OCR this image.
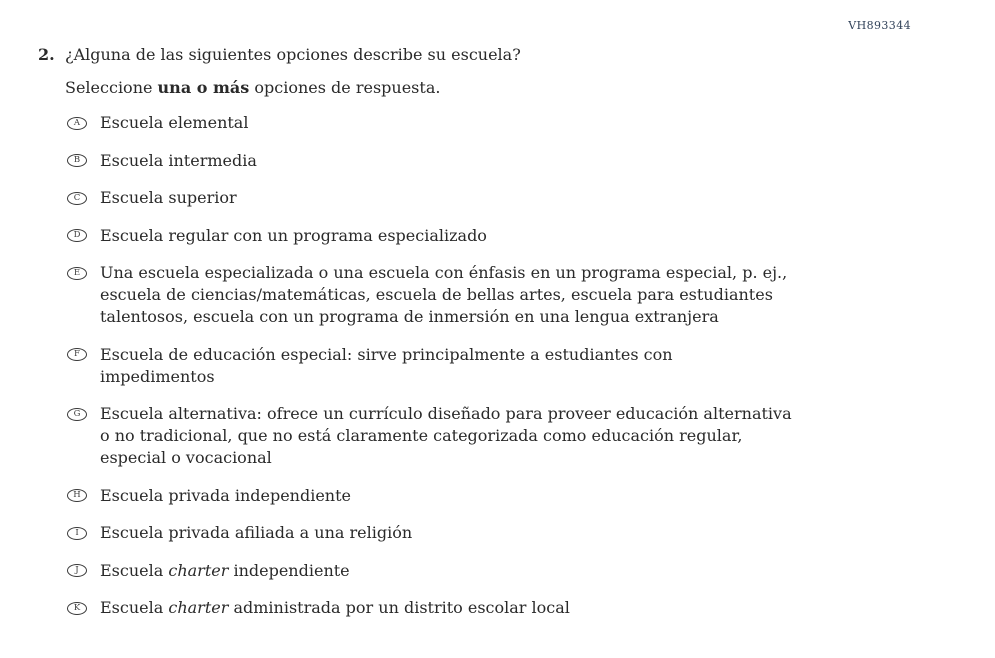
VH893344
2. ¿Alguna de las siguientes opciones describe su escuela?
Seleccione una o más opciones de respuesta.
A	Escuela elemental
B	Escuela intermedia
C	Escuela superior
D	Escuela regular con un programa especializado
E	Una escuela especializada o una escuela con énfasis en un programa especial, p. ej.,
escuela de ciencias/matemáticas, escuela de bellas artes, escuela para estudiantes
talentosos, escuela con un programa de inmersión en una lengua extranjera
F	Escuela de educación especial: sirve principalmente a estudiantes con
impedimentos
G	Escuela alternativa: ofrece un currículo diseñado para proveer educación alternativa
o no tradicional, que no está claramente categorizada como educación regular,
especial o vocacional
H	Escuela privada independiente
I	Escuela privada afiliada a una religión
J	Escuela charter independiente
K	Escuela charter administrada por un distrito escolar local
